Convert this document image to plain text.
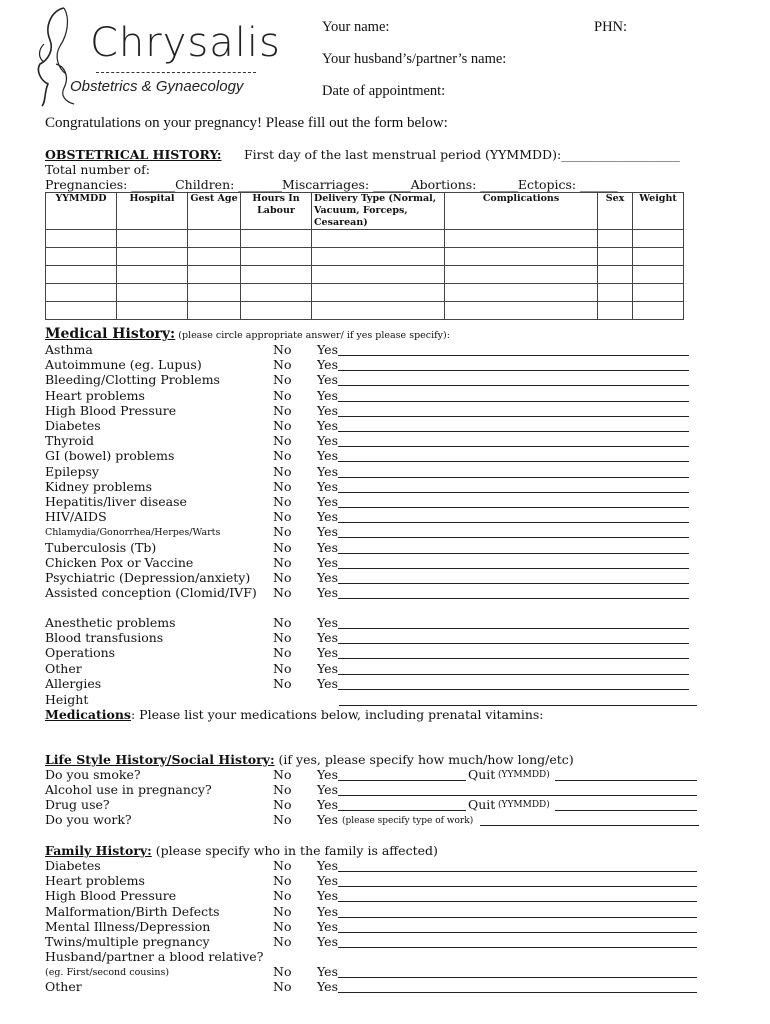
Chrysalis
Obstetrics & Gynaecology
Your name:	PHN:
Your husband’s/partner’s name:
Date of appointment:
Congratulations on your pregnancy! Please fill out the form below:
OBSTETRICAL HISTORY: First day of the last menstrual period (YYMMDD):___________________
Total number of:
Pregnancies: _______Children: _______Miscarriages: ______Abortions: ______Ectopics: ______
YYMMDD	Hospital	Gest Age	Hours In Labour	Delivery Type (Normal, Vacuum, Forceps, Cesarean)	Complications	Sex	Weight

Medical History: (please circle appropriate answer/ if yes please specify):
Asthma	No Yes
Autoimmune (eg. Lupus)	No Yes
Bleeding/Clotting Problems	No Yes
Heart problems	No Yes
High Blood Pressure	No Yes
Diabetes	No Yes
Thyroid	No Yes
GI (bowel) problems	No Yes
Epilepsy	No Yes
Kidney problems	No Yes
Hepatitis/liver disease	No Yes
HIV/AIDS	No Yes
Chlamydia/Gonorrhea/Herpes/Warts	No Yes
Tuberculosis (Tb)	No Yes
Chicken Pox or Vaccine	No Yes
Psychiatric (Depression/anxiety) No Yes
Assisted conception (Clomid/IVF) No Yes
Anesthetic problems	No Yes
Blood transfusions	No Yes
Operations	No Yes
Other	No Yes
Allergies	No Yes
Height
Medications: Please list your medications below, including prenatal vitamins:
Life Style History/Social History: (if yes, please specify how much/how long/etc)
Do you smoke?	No Yes	Quit (YYMMDD)
Alcohol use in pregnancy?	No Yes
Drug use?	No Yes	Quit (YYMMDD)
Do you work?	No Yes (please specify type of work)
Family History: (please specify who in the family is affected)
Diabetes	No Yes
Heart problems	No Yes
High Blood Pressure	No Yes
Malformation/Birth Defects	No Yes
Mental Illness/Depression	No Yes
Twins/multiple pregnancy	No Yes
Husband/partner a blood relative?
(eg. First/second cousins)	No Yes
Other	No Yes
